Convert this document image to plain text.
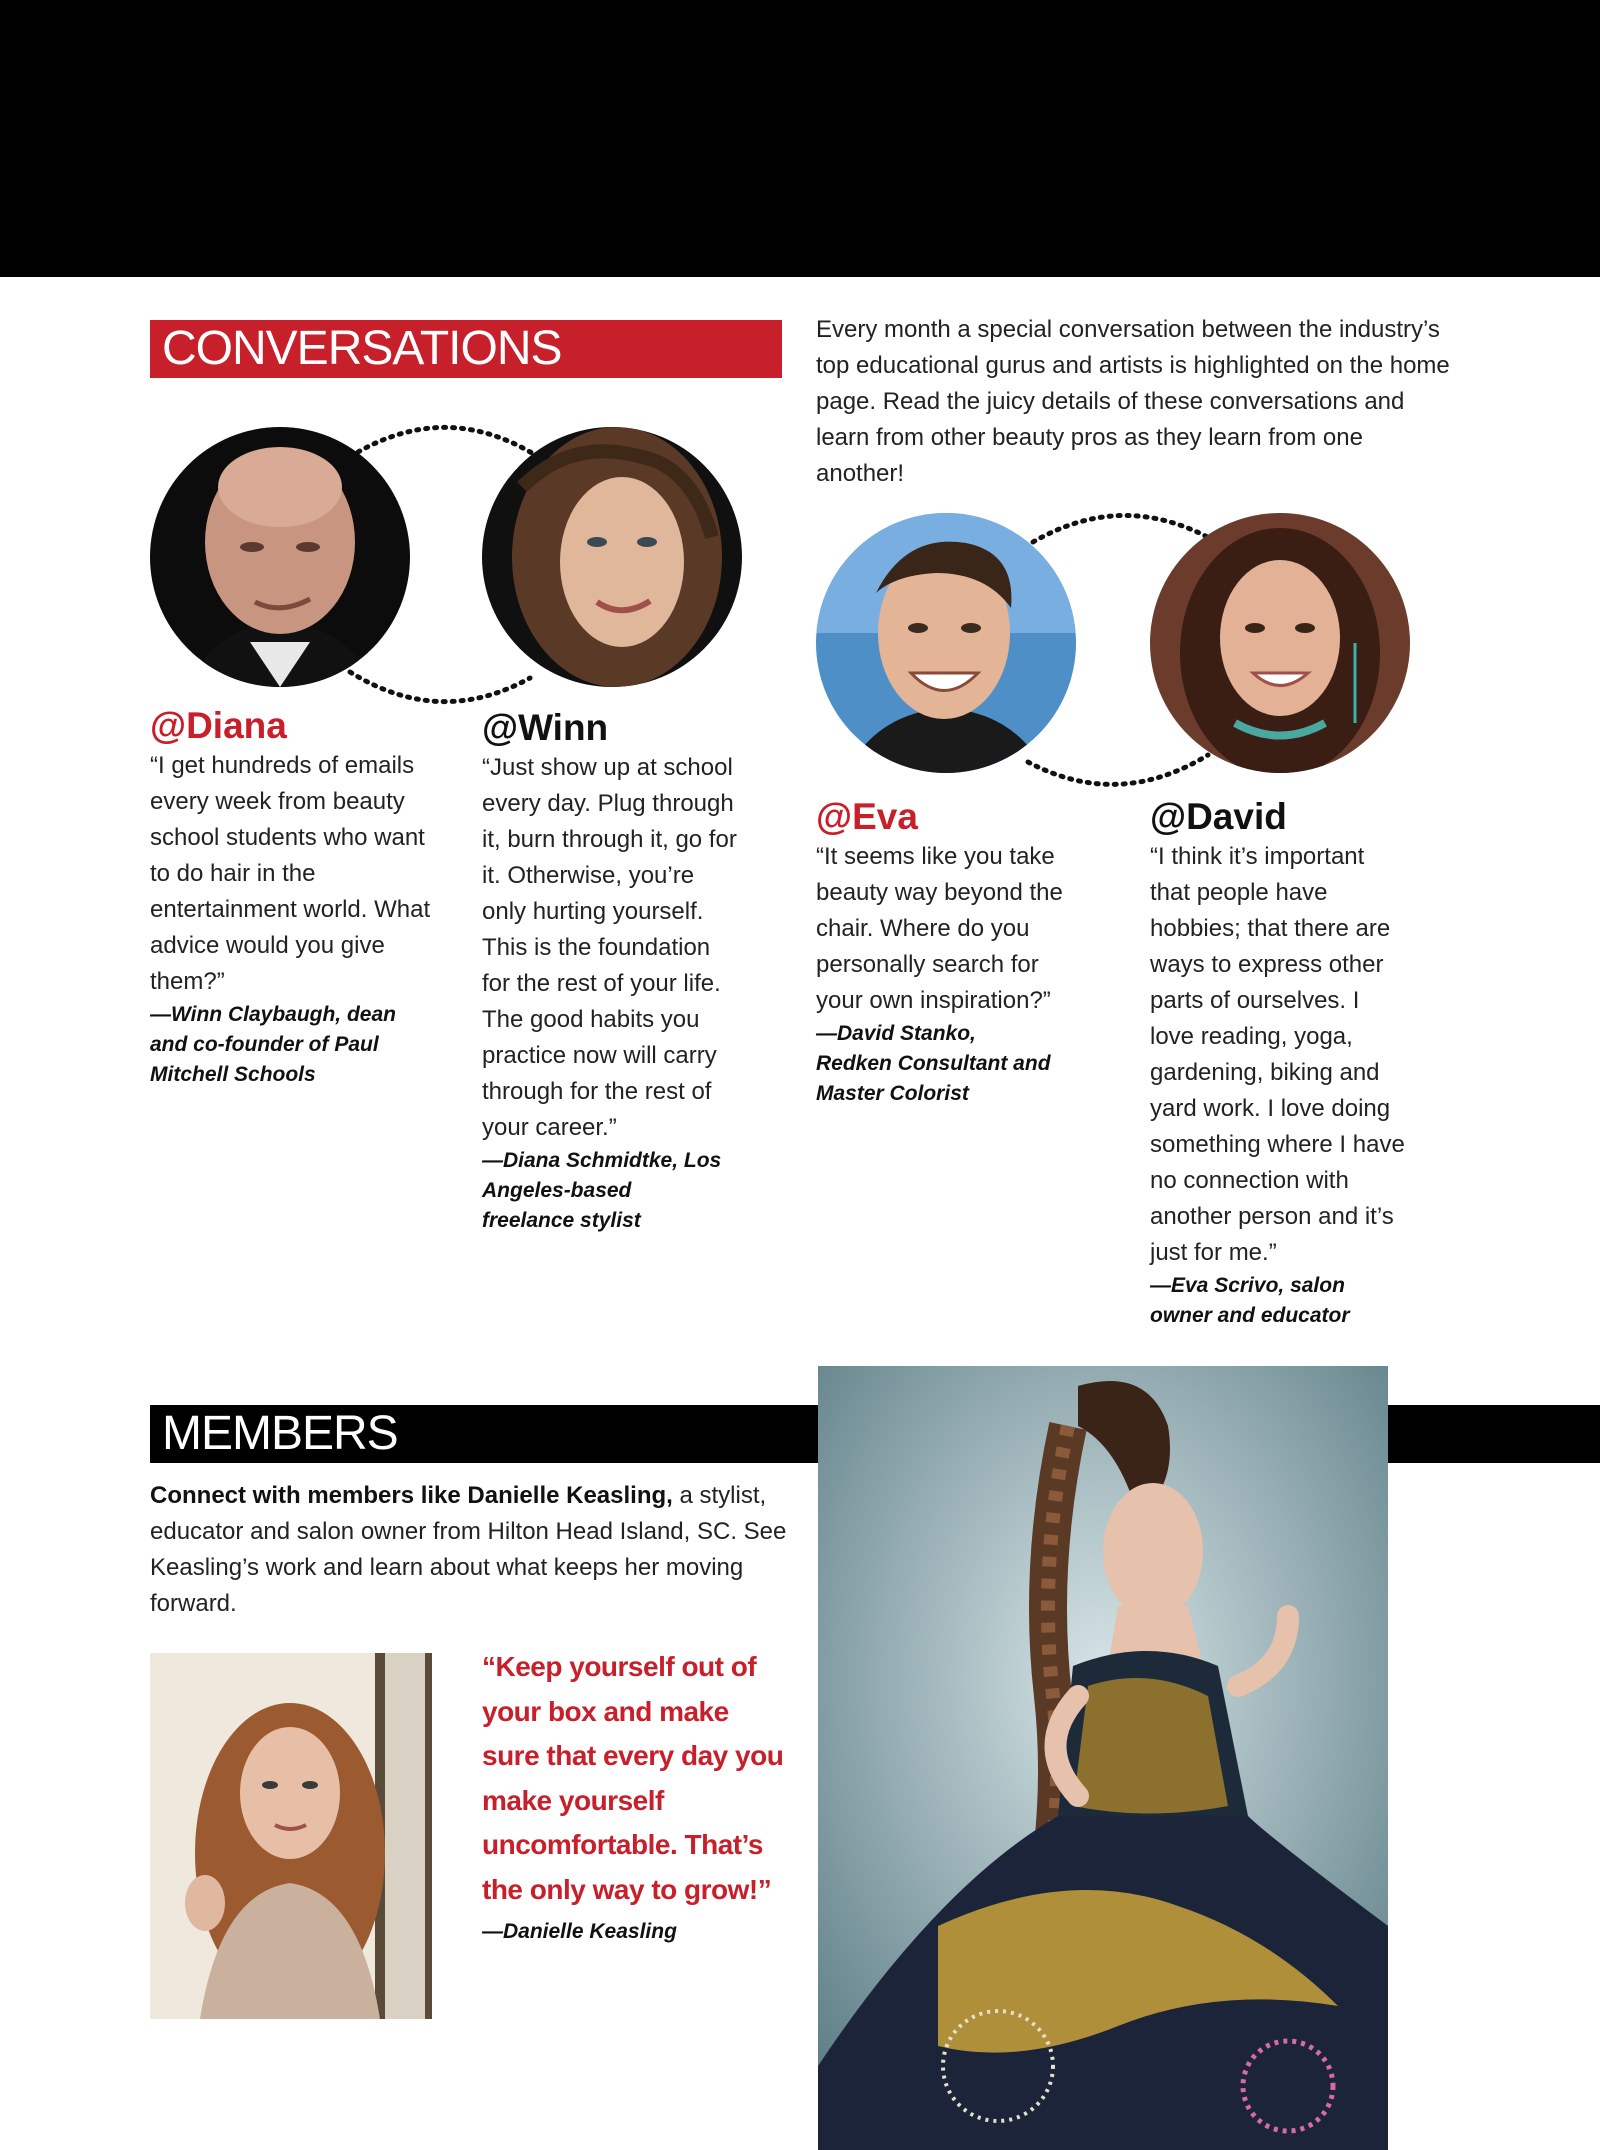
CONVERSATIONS	Every month a special conversation between the industry’s top educational gurus and artists is highlighted on the home page. Read the juicy details of these conversations and learn from other beauty pros as they learn from one another!
@Diana
“I get hundreds of emails every week from beauty school students who want to do hair in the entertainment world. What advice would you give them?”
—Winn Claybaugh, dean and co-founder of Paul Mitchell Schools
@Winn
“Just show up at school every day. Plug through it, burn through it, go for it. Otherwise, you’re only hurting yourself. This is the foundation for the rest of your life. The good habits you practice now will carry through for the rest of your career.”
—Diana Schmidtke, Los Angeles-based freelance stylist
@Eva
“It seems like you take beauty way beyond the chair. Where do you personally search for your own inspiration?”
—David Stanko, Redken Consultant and Master Colorist
@David
“I think it’s important that people have hobbies; that there are ways to express other parts of ourselves. I love reading, yoga, gardening, biking and yard work. I love doing something where I have no connection with another person and it’s just for me.”
—Eva Scrivo, salon owner and educator
MEMBERS
Connect with members like Danielle Keasling, a stylist, educator and salon owner from Hilton Head Island, SC. See Keasling’s work and learn about what keeps her moving forward.
“Keep yourself out of your box and make sure that every day you make yourself uncomfortable. That’s the only way to grow!”
—Danielle Keasling
